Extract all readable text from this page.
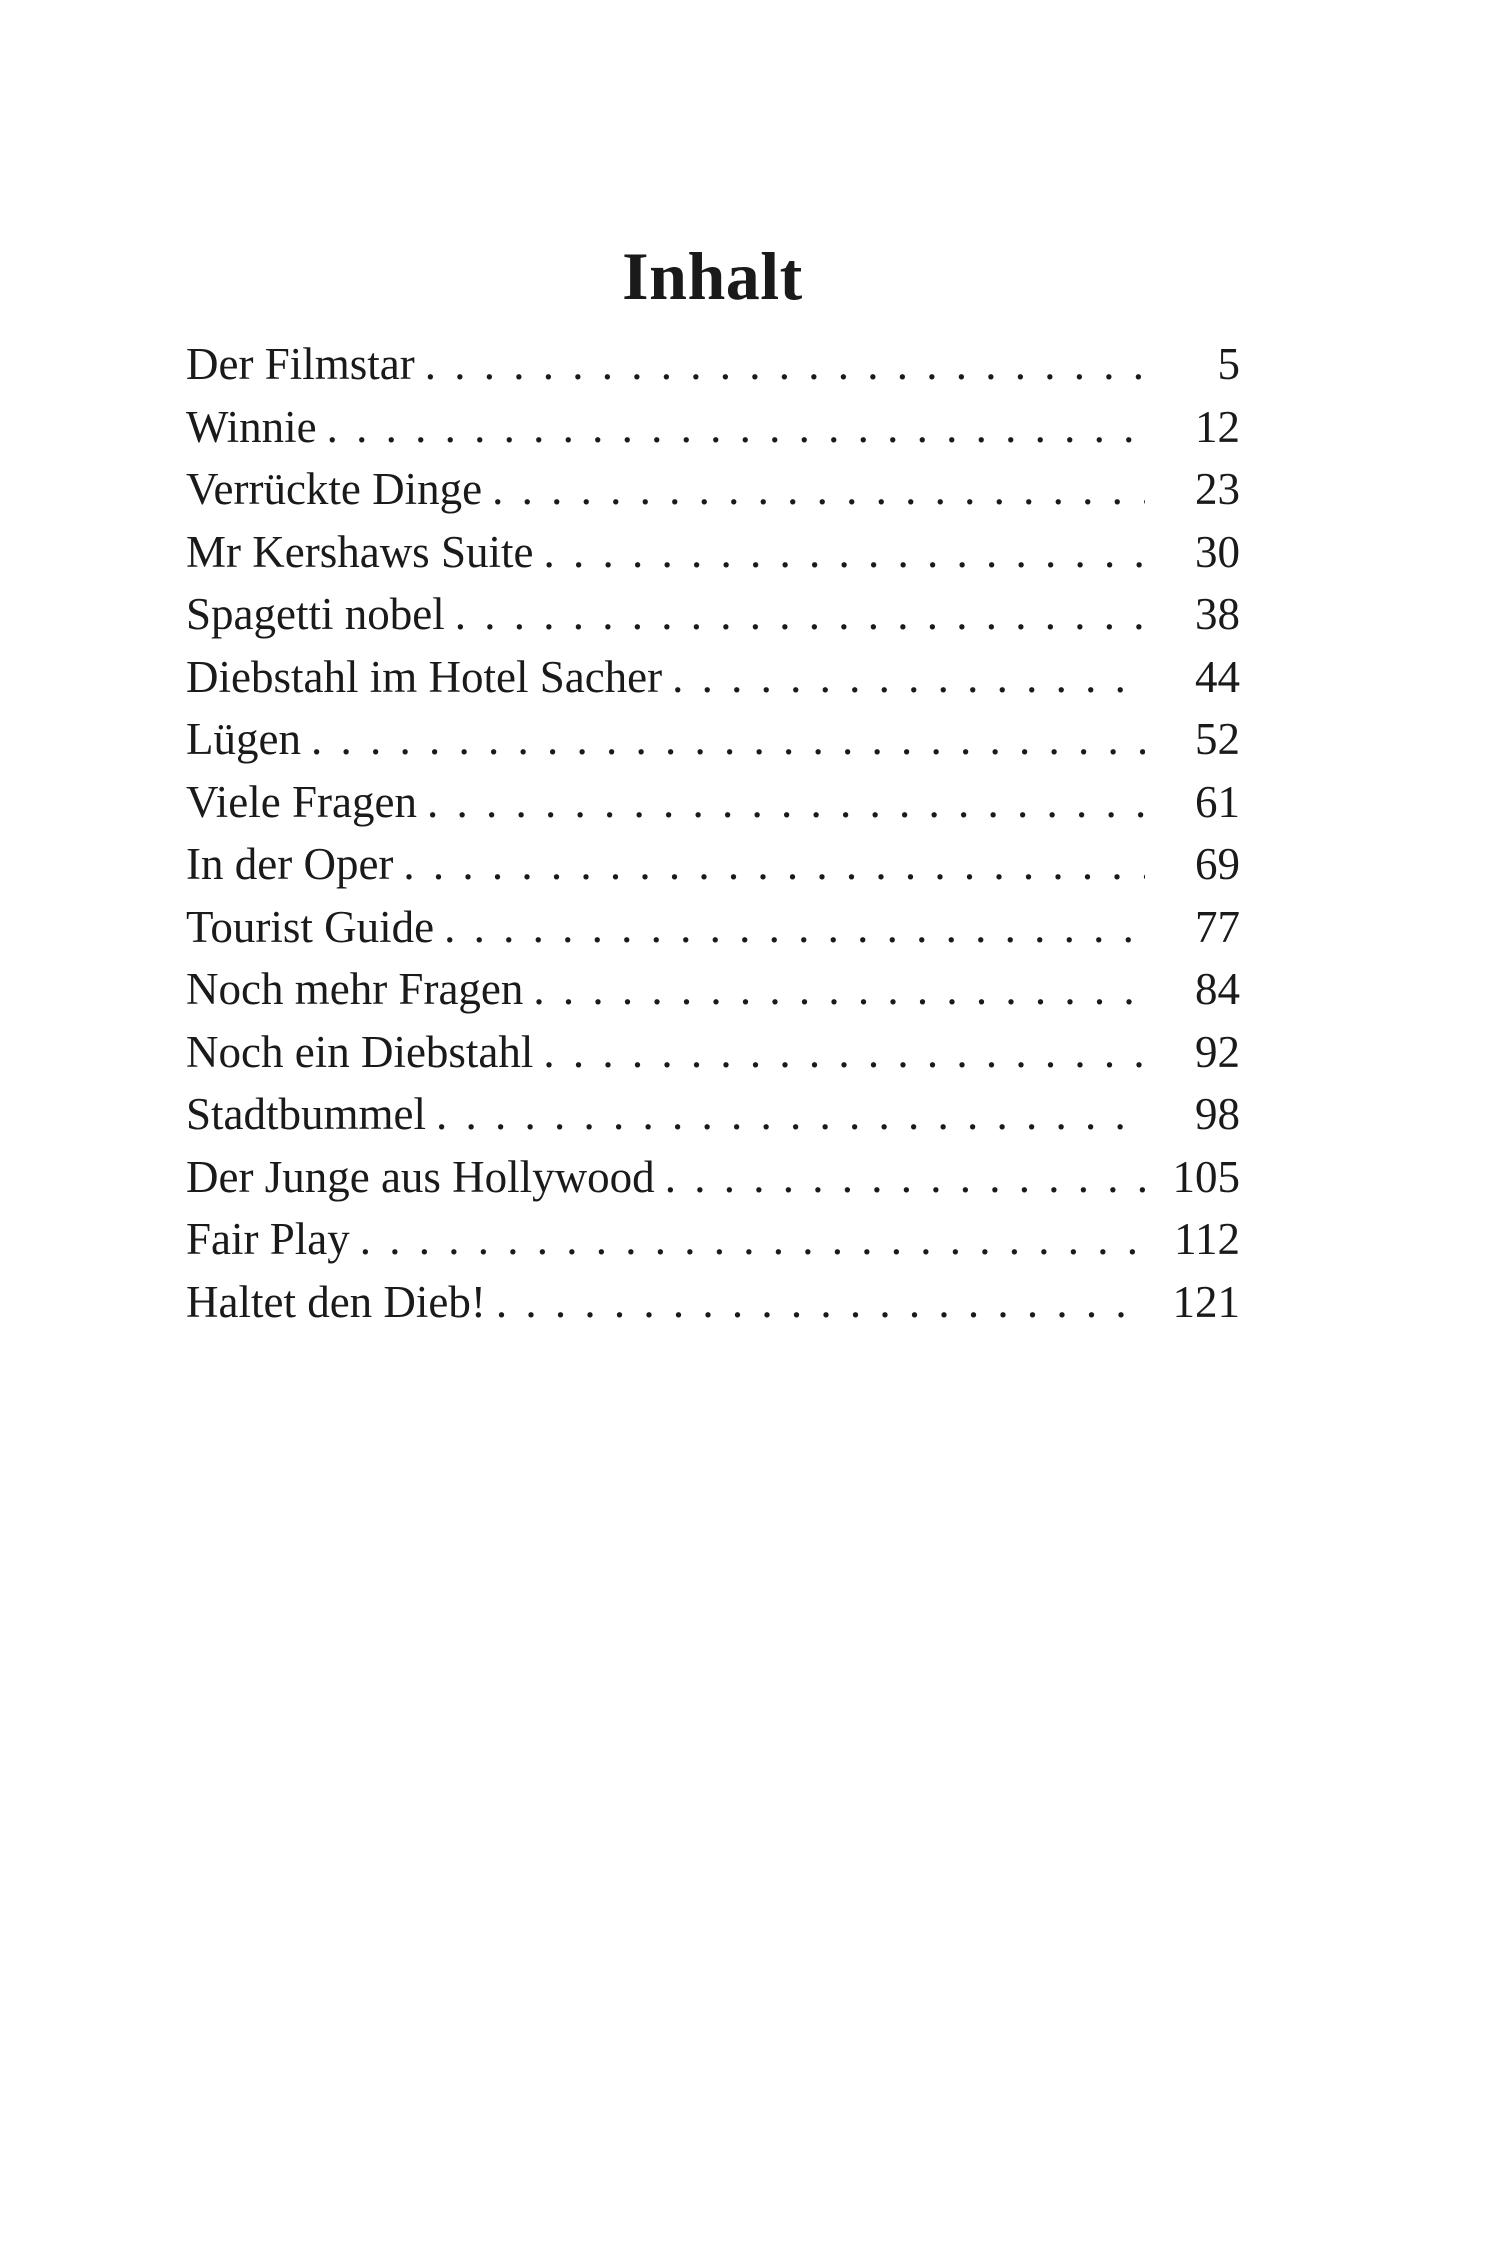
Inhalt
Der Filmstar . . .	5
Winnie . . .	12
Verrückte Dinge . . .	23
Mr Kershaws Suite . . .	30
Spagetti nobel . . .	38
Diebstahl im Hotel Sacher . . .	44
Lügen . . .	52
Viele Fragen . . .	61
In der Oper . . .	69
Tourist Guide . . .	77
Noch mehr Fragen . . .	84
Noch ein Diebstahl . . .	92
Stadtbummel . . .	98
Der Junge aus Hollywood . . .	105
Fair Play . . .	112
Haltet den Dieb! . . .	121
